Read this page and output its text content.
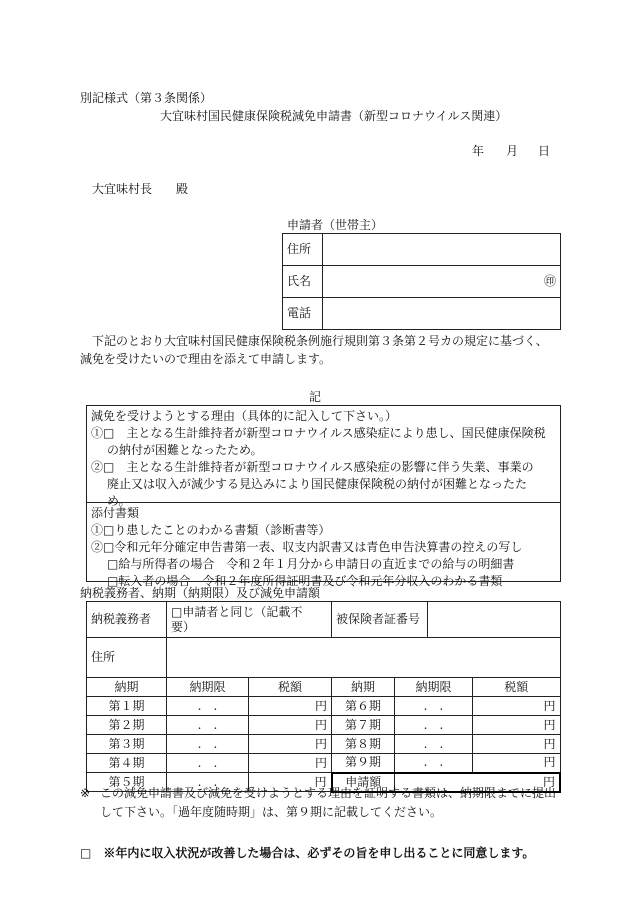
別記様式（第３条関係）
大宜味村国民健康保険税減免申請書（新型コロナウイルス関連）
年 月 日
大宜味村長　　殿
申請者（世帯主）
住所	
氏名	㊞
電話	
下記のとおり大宜味村国民健康保険税条例施行規則第３条第２号カの規定に基づく、
減免を受けたいので理由を添えて申請します。
記
減免を受けようとする理由（具体的に記入して下さい。）
①□　主となる生計維持者が新型コロナウイルス感染症により患し、国民健康保険税
の納付が困難となったため。
②□　主となる生計維持者が新型コロナウイルス感染症の影響に伴う失業、事業の
廃止又は収入が減少する見込みにより国民健康保険税の納付が困難となったた
め。
添付書類
①□り患したことのわかる書類（診断書等）
②□令和元年分確定申告書第一表、収支内訳書又は青色申告決算書の控えの写し
□給与所得者の場合　令和２年１月分から申請日の直近までの給与の明細書
□転入者の場合　令和２年度所得証明書及び令和元年分収入のわかる書類
納税義務者、納期（納期限）及び減免申請額
納税義務者	□申請者と同じ（記載不
要）	被保険者証番号	
住所			
納期	納期限	税額	納期	納期限	税額
第１期	.　.	円	第６期	.　.	円
第２期	.　.	円	第７期	.　.	円
第３期	.　.	円	第８期	.　.	円
第４期	.　.	円	第９期	.　.	円
第５期	.　.	円	申請額	円	
※ この減免申請書及び減免を受けようとする理由を証明する書類は、納期限までに提出
して下さい。「過年度随時期」は、第９期に記載してください。
□　※年内に収入状況が改善した場合は、必ずその旨を申し出ることに同意します。
